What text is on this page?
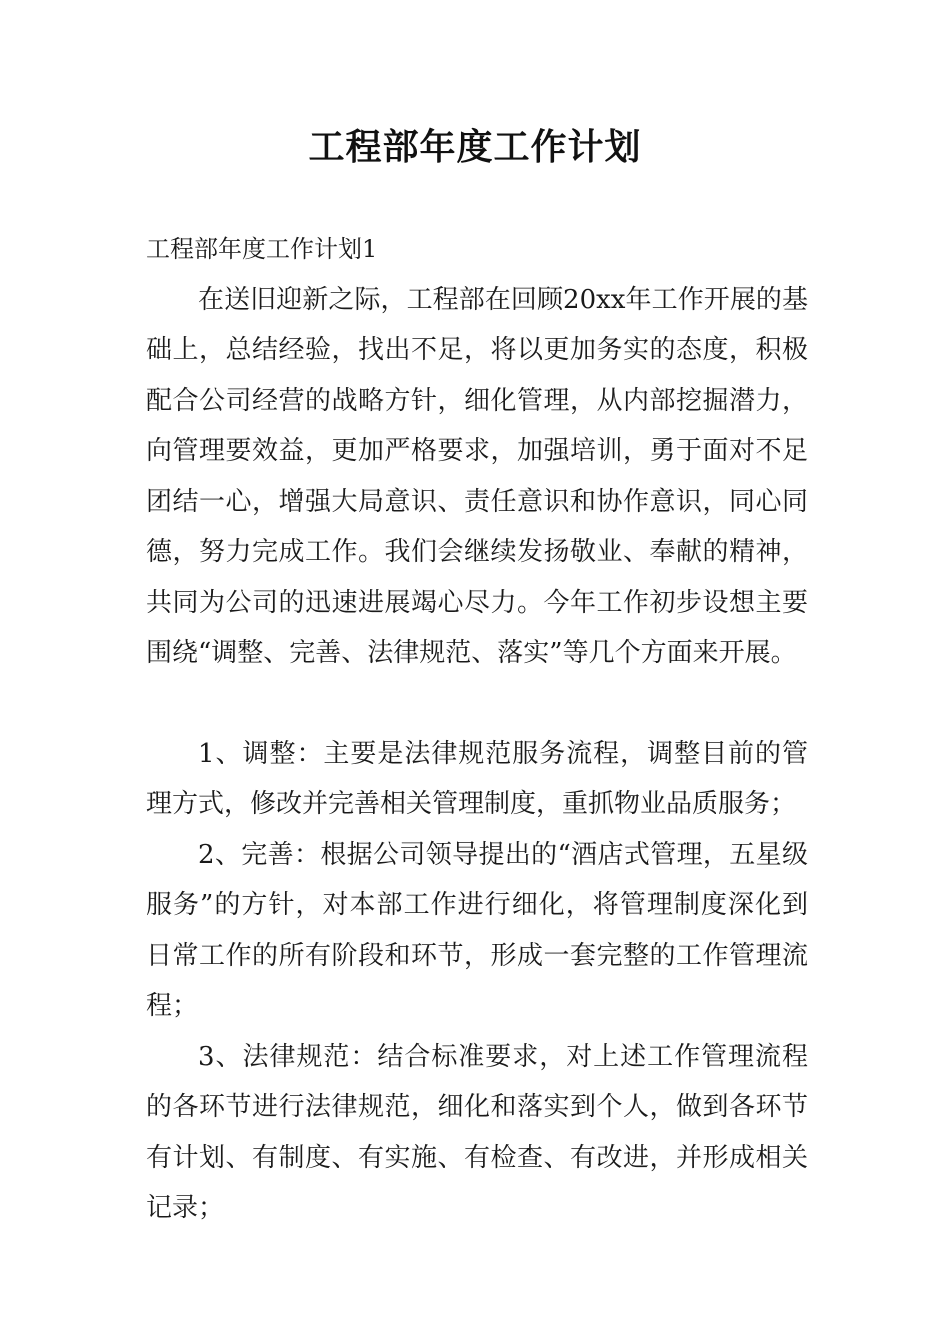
工程部年度工作计划

工程部年度工作计划1

在送旧迎新之际，工程部在回顾20xx年工作开展的基础上，总结经验，找出不足，将以更加务实的态度，积极配合公司经营的战略方针，细化管理，从内部挖掘潜力，向管理要效益，更加严格要求，加强培训，勇于面对不足团结一心，增强大局意识、责任意识和协作意识，同心同德，努力完成工作。我们会继续发扬敬业、奉献的精神，共同为公司的迅速进展竭心尽力。今年工作初步设想主要围绕“调整、完善、法律规范、落实”等几个方面来开展。

1、调整：主要是法律规范服务流程，调整目前的管理方式，修改并完善相关管理制度，重抓物业品质服务；

2、完善：根据公司领导提出的“酒店式管理，五星级服务”的方针，对本部工作进行细化，将管理制度深化到日常工作的所有阶段和环节，形成一套完整的工作管理流程；

3、法律规范：结合标准要求，对上述工作管理流程的各环节进行法律规范，细化和落实到个人，做到各环节有计划、有制度、有实施、有检查、有改进，并形成相关记录；
